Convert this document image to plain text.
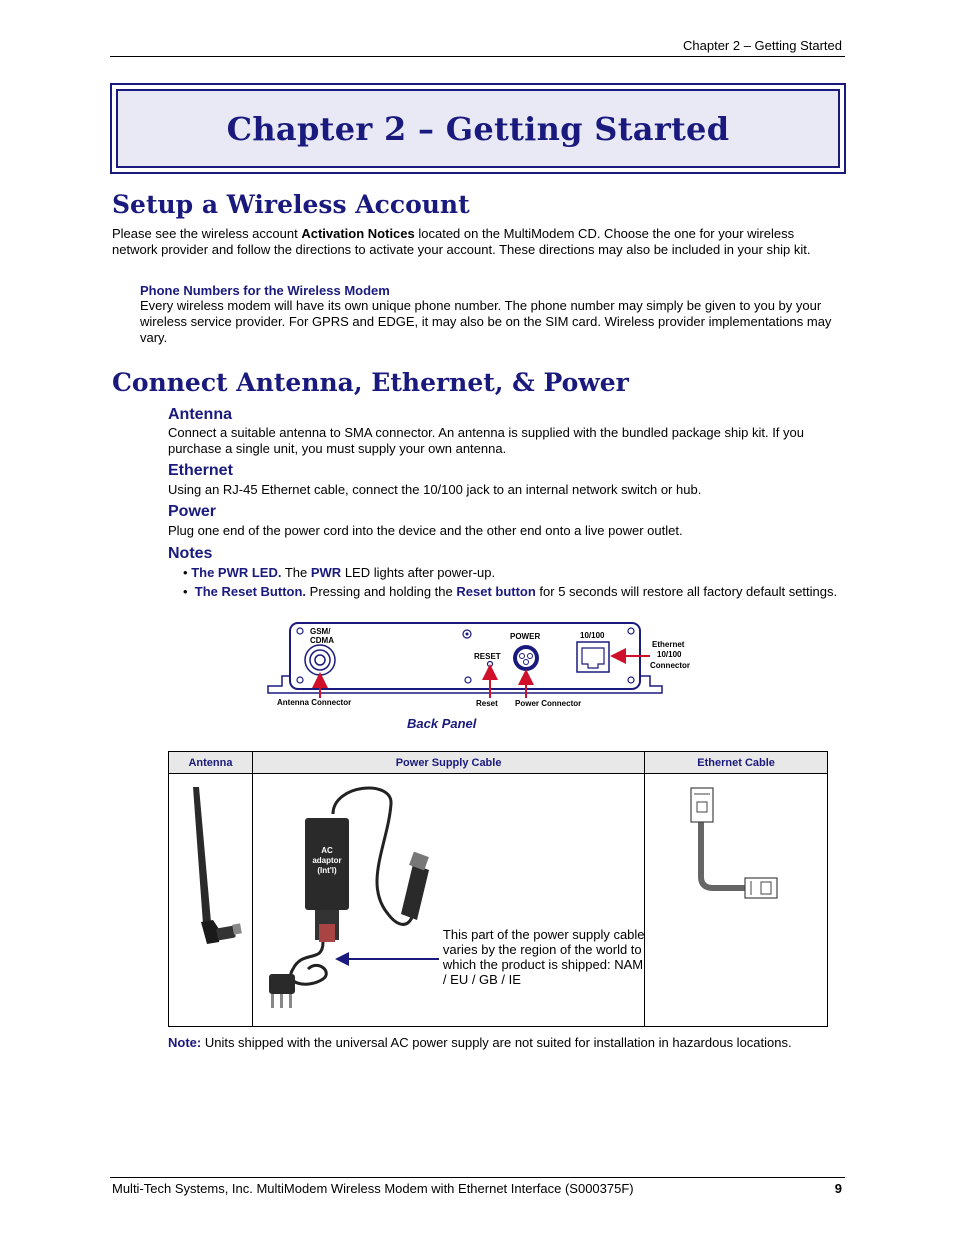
Chapter 2 – Getting Started
Chapter 2 – Getting Started
Setup a Wireless Account
Please see the wireless account Activation Notices located on the MultiModem CD. Choose the one for your wireless network provider and follow the directions to activate your account. These directions may also be included in your ship kit.
Phone Numbers for the Wireless Modem
Every wireless modem will have its own unique phone number. The phone number may simply be given to you by your wireless service provider. For GPRS and EDGE, it may also be on the SIM card. Wireless provider implementations may vary.
Connect Antenna, Ethernet, & Power
Antenna
Connect a suitable antenna to SMA connector. An antenna is supplied with the bundled package ship kit. If you purchase a single unit, you must supply your own antenna.
Ethernet
Using an RJ-45 Ethernet cable, connect the 10/100 jack to an internal network switch or hub.
Power
Plug one end of the power cord into the device and the other end onto a live power outlet.
Notes
• The PWR LED. The PWR LED lights after power-up.
•  The Reset Button. Pressing and holding the Reset button for 5 seconds will restore all factory default settings.
GSM/
CDMA
RESET
POWER	10/100
Ethernet
10/100
Connector
Antenna Connector	Reset Power Connector
Back Panel
Antenna	Power Supply Cable	Ethernet Cable

AC
adaptor
(Int'l)
This part of the power supply cable varies by the region of the world to which the product is shipped: NAM / EU / GB / IE

Note: Units shipped with the universal AC power supply are not suited for installation in hazardous locations.
Multi-Tech Systems, Inc. MultiModem Wireless Modem with Ethernet Interface (S000375F)	9
